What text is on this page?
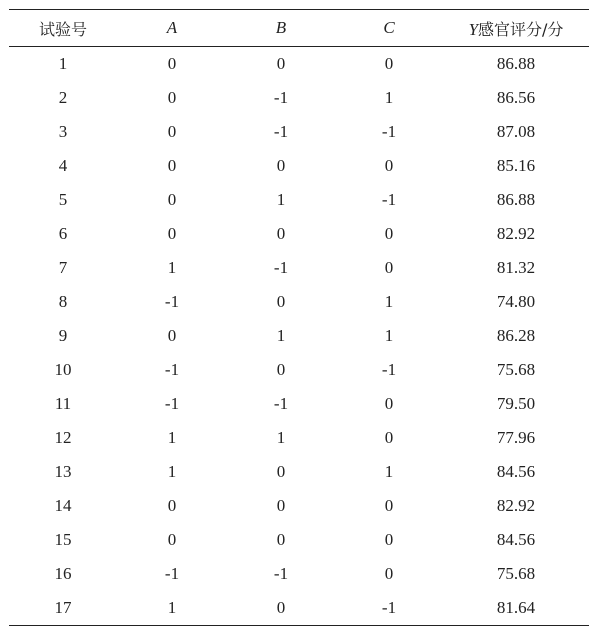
试验号	A	B	C	Y感官评分/分
1	0	0	0	86.88
2	0	-1	1	86.56
3	0	-1	-1	87.08
4	0	0	0	85.16
5	0	1	-1	86.88
6	0	0	0	82.92
7	1	-1	0	81.32
8	-1	0	1	74.80
9	0	1	1	86.28
10	-1	0	-1	75.68
11	-1	-1	0	79.50
12	1	1	0	77.96
13	1	0	1	84.56
14	0	0	0	82.92
15	0	0	0	84.56
16	-1	-1	0	75.68
17	1	0	-1	81.64
